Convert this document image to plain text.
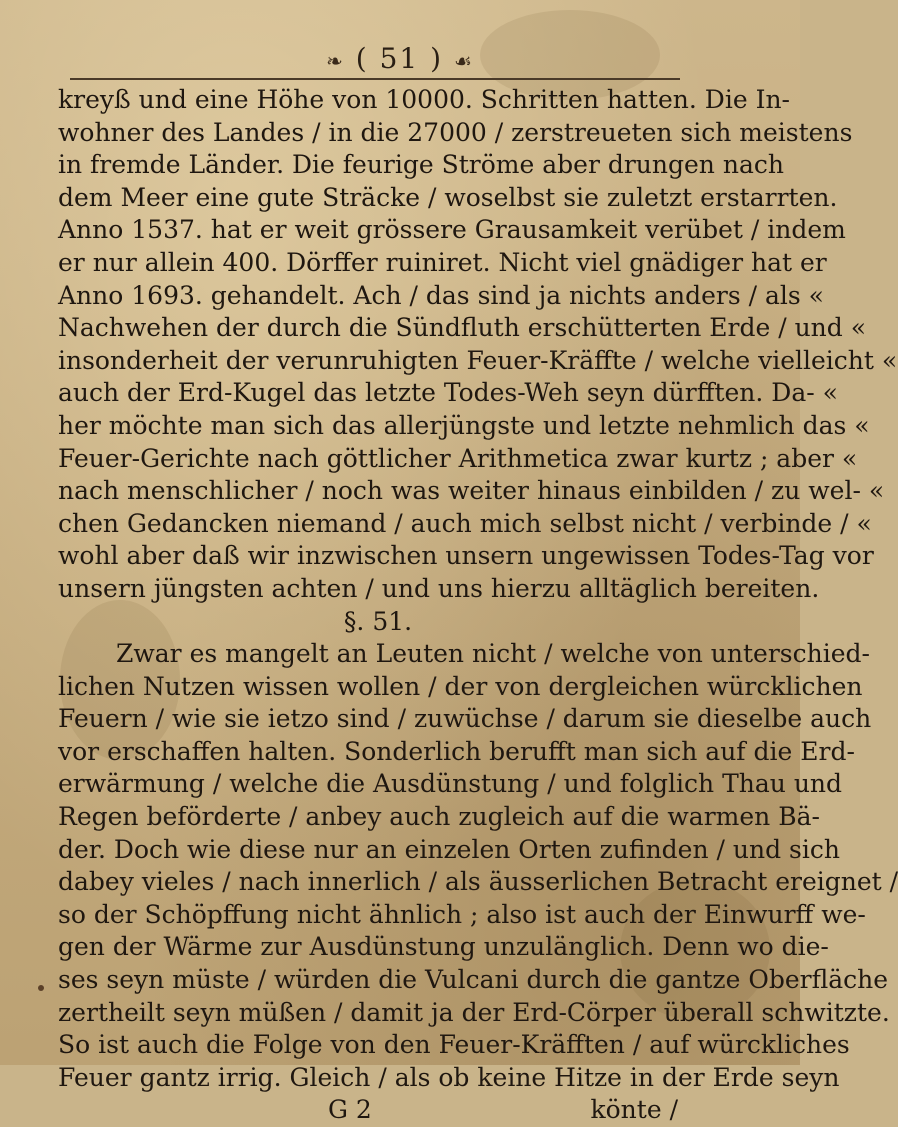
❧ ( 51 ) ☙
kreyß und eine Höhe von 10000. Schritten hatten. Die In-
wohner des Landes / in die 27000 / zerstreueten sich meistens
in fremde Länder. Die feurige Ströme aber drungen nach
dem Meer eine gute Sträcke / woselbst sie zuletzt erstarrten.
Anno 1537. hat er weit grössere Grausamkeit verübet / indem
er nur allein 400. Dörffer ruiniret. Nicht viel gnädiger hat er
Anno 1693. gehandelt. Ach / das sind ja nichts anders / als «
Nachwehen der durch die Sündfluth erschütterten Erde / und «
insonderheit der verunruhigten Feuer-Kräffte / welche vielleicht «
auch der Erd-Kugel das letzte Todes-Weh seyn dürfften. Da- «
her möchte man sich das allerjüngste und letzte nehmlich das «
Feuer-Gerichte nach göttlicher Arithmetica zwar kurtz ; aber «
nach menschlicher / noch was weiter hinaus einbilden / zu wel- «
chen Gedancken niemand / auch mich selbst nicht / verbinde / «
wohl aber daß wir inzwischen unsern ungewissen Todes-Tag vor
unsern jüngsten achten / und uns hierzu alltäglich bereiten.
§. 51.
Zwar es mangelt an Leuten nicht / welche von unterschied-
lichen Nutzen wissen wollen / der von dergleichen würcklichen
Feuern / wie sie ietzo sind / zuwüchse / darum sie dieselbe auch
vor erschaffen halten. Sonderlich berufft man sich auf die Erd-
erwärmung / welche die Ausdünstung / und folglich Thau und
Regen beförderte / anbey auch zugleich auf die warmen Bä-
der. Doch wie diese nur an einzelen Orten zufinden / und sich
dabey vieles / nach innerlich / als äusserlichen Betracht ereignet /
so der Schöpffung nicht ähnlich ; also ist auch der Einwurff we-
gen der Wärme zur Ausdünstung unzulänglich. Denn wo die-
ses seyn müste / würden die Vulcani durch die gantze Oberfläche
zertheilt seyn müßen / damit ja der Erd-Cörper überall schwitzte.
So ist auch die Folge von den Feuer-Kräfften / auf würckliches
Feuer gantz irrig. Gleich / als ob keine Hitze in der Erde seyn
G 2	könte /
